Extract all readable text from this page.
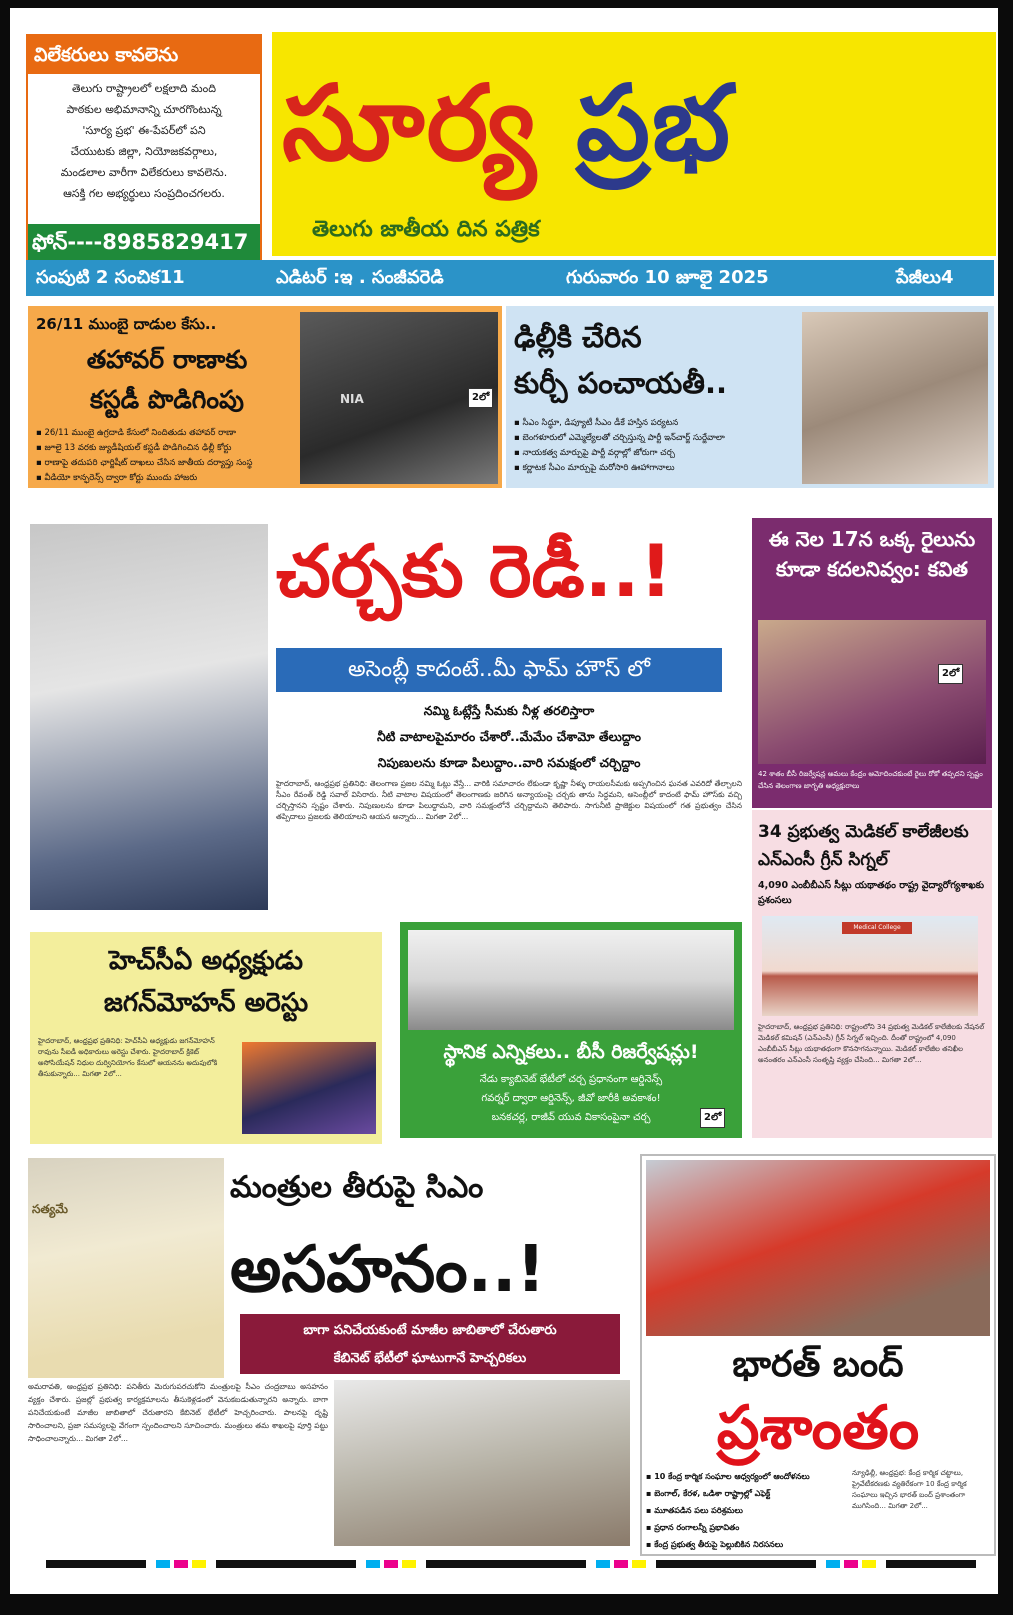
విలేకరులు కావలెను
తెలుగు రాష్ట్రాలలో లక్షలాది మంది
పాఠకుల అభిమానాన్ని చూరగొంటున్న
'సూర్య ప్రభ' ఈ-పేపర్‌లో పని
చేయుటకు జిల్లా, నియోజకవర్గాలు,
మండలాల వారీగా విలేకరులు కావలెను.
ఆసక్తి గల అభ్యర్థులు సంప్రదించగలరు.
ఫోన్----8985829417
సూర్య ప్రభ
తెలుగు జాతీయ దిన పత్రిక
సంపుటి 2 సంచిక11	ఎడిటర్ :ఇ . సంజీవరెడి	గురువారం 10 జూలై 2025	పేజీలు4
26/11 ముంబై దాడుల కేసు..
తహావర్ రాణాకు
కస్టడీ పొడిగింపు
▪ 26/11 ముంబై ఉగ్రదాడి కేసులో నిందితుడు తహావర్ రాణా
▪ జూలై 13 వరకు జ్యుడీషియల్ కస్టడీ పొడిగించిన ఢిల్లీ కోర్టు
▪ రాణాపై తదుపరి ఛార్జిషీట్ దాఖలు చేసిన జాతీయ దర్యాప్తు సంస్థ
▪ వీడియో కాన్ఫరెన్స్ ద్వారా కోర్టు ముందు హాజరు
NIA	2లో
ఢిల్లీకి చేరిన
కుర్చీ పంచాయతీ..
▪ సీఎం సిద్ధూ, డిప్యూటీ సీఎం డీకే హస్తిన పర్యటన
▪ బెంగళూరులో ఎమ్మెల్యేలతో చర్చిస్తున్న పార్టీ ఇన్‌చార్జ్ సుర్జేవాలా
▪ నాయకత్వ మార్పుపై పార్టీ వర్గాల్లో జోరుగా చర్చ
▪ కర్ణాటక సీఎం మార్పుపై మరోసారి ఊహాగానాలు
చర్చకు రెడీ..!
అసెంబ్లీ కాదంటే..మీ ఫామ్ హౌస్ లో
నమ్మి ఓట్లేస్తే సీమకు నీళ్ల తరలిస్తారా
నీటి వాటాలపైమారం చేశారో..మేమేం చేశామో తేలుద్దాం
నిపుణులను కూడా పిలుద్దాం..వారి సమక్షంలో చర్చిద్దాం
హైదరాబాద్, ఆంధ్రప్రభ ప్రతినిధి: తెలంగాణ ప్రజల నమ్మి ఓట్లు వేస్తే... వారికి సమాచారం లేకుండా కృష్ణా నీళ్ళు రాయలసీమకు అప్పగించిన ఘనత ఎవరిదో తేల్చాలని సీఎం రేవంత్ రెడ్డి సవాల్ విసిరారు. నీటి వాటాల విషయంలో తెలంగాణకు జరిగిన అన్యాయంపై చర్చకు తాను సిద్ధమని, అసెంబ్లీలో కాదంటే ఫామ్ హౌస్‌కు వచ్చి చర్చిస్తానని స్పష్టం చేశారు. నిపుణులను కూడా పిలుద్దామని, వారి సమక్షంలోనే చర్చిద్దామని తెలిపారు. సాగునీటి ప్రాజెక్టుల విషయంలో గత ప్రభుత్వం చేసిన తప్పిదాలు ప్రజలకు తెలియాలని ఆయన అన్నారు... మిగతా 2లో...
ఈ నెల 17న ఒక్క రైలును కూడా కదలనివ్వం: కవిత
2లో
42 శాతం బీసీ రిజర్వేషన్ల అమలు కేంద్రం ఆమోదించకుంటే రైలు రోకో తప్పదని స్పష్టం చేసిన తెలంగాణ జాగృతి అధ్యక్షురాలు
34 ప్రభుత్వ మెడికల్ కాలేజీలకు ఎన్ఎంసీ గ్రీన్ సిగ్నల్
4,090 ఎంబీబీఎస్ సీట్లు యథాతథం రాష్ట్ర వైద్యారోగ్యశాఖకు ప్రశంసలు
Medical College
హైదరాబాద్, ఆంధ్రప్రభ ప్రతినిధి: రాష్ట్రంలోని 34 ప్రభుత్వ మెడికల్ కాలేజీలకు నేషనల్ మెడికల్ కమిషన్ (ఎన్ఎంసీ) గ్రీన్ సిగ్నల్ ఇచ్చింది. దీంతో రాష్ట్రంలో 4,090 ఎంబీబీఎస్ సీట్లు యథాతథంగా కొనసాగనున్నాయి. మెడికల్ కాలేజీల తనిఖీల అనంతరం ఎన్ఎంసీ సంతృప్తి వ్యక్తం చేసింది... మిగతా 2లో...
హెచ్‌సీఏ అధ్యక్షుడు
జగన్‌మోహన్ అరెస్టు
హైదరాబాద్, ఆంధ్రప్రభ ప్రతినిధి: హెచ్‌సీఏ అధ్యక్షుడు జగన్‌మోహన్ రావును సీఐడీ అధికారులు అరెస్టు చేశారు. హైదరాబాద్ క్రికెట్ అసోసియేషన్ నిధుల దుర్వినియోగం కేసులో ఆయనను అదుపులోకి తీసుకున్నారు... మిగతా 2లో...
స్థానిక ఎన్నికలు.. బీసీ రిజర్వేషన్లు!
నేడు క్యాబినెట్ భేటీలో చర్చ ప్రధానంగా ఆర్డినెన్స్
గవర్నర్ ద్వారా ఆర్డినెన్స్, జీవో జారీకి అవకాశం!
బనకచర్ల, రాజీవ్ యువ వికాసంపైనా చర్చ	2లో
సత్యమే
మంత్రుల తీరుపై సిఎం
అసహనం..!
బాగా పనిచేయకుంటే మాజీల జాబితాలో చేరుతారు
కేబినెట్ భేటీలో ఘాటుగానే హెచ్చరికలు
అమరావతి, ఆంధ్రప్రభ ప్రతినిధి: పనితీరు మెరుగుపరచుకోని మంత్రులపై సీఎం చంద్రబాబు అసహనం వ్యక్తం చేశారు. ప్రజల్లో ప్రభుత్వ కార్యక్రమాలను తీసుకెళ్లడంలో వెనుకబడుతున్నారని అన్నారు. బాగా పనిచేయకుంటే మాజీల జాబితాలో చేరుతారని కేబినెట్ భేటీలో హెచ్చరించారు. పాలనపై దృష్టి సారించాలని, ప్రజా సమస్యలపై వేగంగా స్పందించాలని సూచించారు. మంత్రులు తమ శాఖలపై పూర్తి పట్టు సాధించాలన్నారు... మిగతా 2లో...
భారత్ బంద్
ప్రశాంతం
▪ 10 కేంద్ర కార్మిక సంఘాల ఆధ్వర్యంలో ఆందోళనలు
▪ బెంగాల్, కేరళ, ఒడిశా రాష్ట్రాల్లో ఎఫెక్ట్
▪ మూతపడిన పలు పరిశ్రమలు
▪ ప్రధాన రంగాలన్నీ ప్రభావితం
▪ కేంద్ర ప్రభుత్వ తీరుపై పెల్లుబికిన నిరసనలు
న్యూఢిల్లీ, ఆంధ్రప్రభ: కేంద్ర కార్మిక చట్టాలు, ప్రైవేటీకరణకు వ్యతిరేకంగా 10 కేంద్ర కార్మిక సంఘాలు ఇచ్చిన భారత్ బంద్ ప్రశాంతంగా ముగిసింది... మిగతా 2లో...
